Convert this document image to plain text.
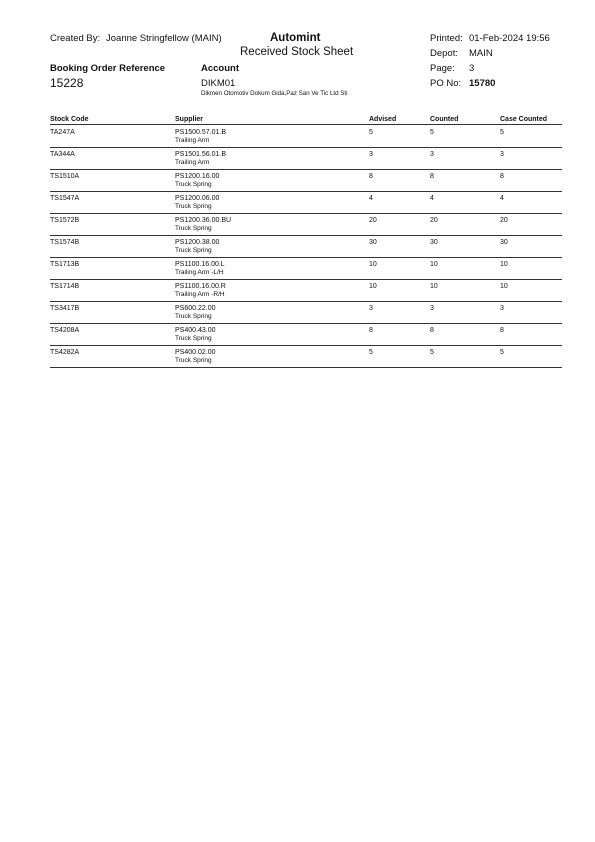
Created By: Joanne Stringfellow (MAIN)	Automint
Received Stock Sheet
Printed: 01-Feb-2024 19:56
Depot: MAIN
Page: 3
Booking Order Reference
15228
Account
DIKM01
Dikmen Otomotiv Dokum Gida,Paz San Ve Tic Ltd Sti
PO No: 15780
Stock Code	Supplier	Advised	Counted	Case Counted
TA247A	PS1500.57.01.B	5	5	5
Trailing Arm
TA344A	PS1501.56.01.B	3	3	3
Trailing Arm
TS1510A	PS1200.16.00	8	8	8
Truck Spring
TS1547A	PS1200.06.00	4	4	4
Truck Spring
TS1572B	PS1200.36.00.BU	20	20	20
Truck Spring
TS1574B	PS1200.38.00	30	30	30
Truck Spring
TS1713B	PS1100.16.00.L	10	10	10
Trailing Arm -L/H
TS1714B	PS1100.16.00.R	10	10	10
Trailing Arm -R/H
TS3417B	PS600.22.00	3	3	3
Truck Spring
TS4208A	PS400.43.00	8	8	8
Truck Spring
TS4282A	PS400.02.00	5	5	5
Truck Spring
